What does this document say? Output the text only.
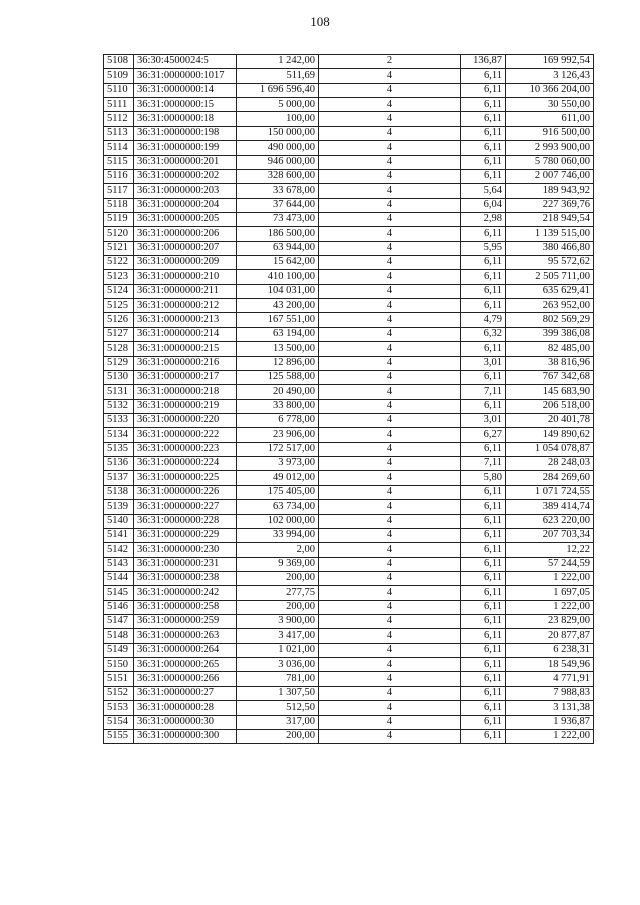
108
5108	36:30:4500024:5	1 242,00	2	136,87	169 992,54
5109	36:31:0000000:1017	511,69	4	6,11	3 126,43
5110	36:31:0000000:14	1 696 596,40	4	6,11	10 366 204,00
5111	36:31:0000000:15	5 000,00	4	6,11	30 550,00
5112	36:31:0000000:18	100,00	4	6,11	611,00
5113	36:31:0000000:198	150 000,00	4	6,11	916 500,00
5114	36:31:0000000:199	490 000,00	4	6,11	2 993 900,00
5115	36:31:0000000:201	946 000,00	4	6,11	5 780 060,00
5116	36:31:0000000:202	328 600,00	4	6,11	2 007 746,00
5117	36:31:0000000:203	33 678,00	4	5,64	189 943,92
5118	36:31:0000000:204	37 644,00	4	6,04	227 369,76
5119	36:31:0000000:205	73 473,00	4	2,98	218 949,54
5120	36:31:0000000:206	186 500,00	4	6,11	1 139 515,00
5121	36:31:0000000:207	63 944,00	4	5,95	380 466,80
5122	36:31:0000000:209	15 642,00	4	6,11	95 572,62
5123	36:31:0000000:210	410 100,00	4	6,11	2 505 711,00
5124	36:31:0000000:211	104 031,00	4	6,11	635 629,41
5125	36:31:0000000:212	43 200,00	4	6,11	263 952,00
5126	36:31:0000000:213	167 551,00	4	4,79	802 569,29
5127	36:31:0000000:214	63 194,00	4	6,32	399 386,08
5128	36:31:0000000:215	13 500,00	4	6,11	82 485,00
5129	36:31:0000000:216	12 896,00	4	3,01	38 816,96
5130	36:31:0000000:217	125 588,00	4	6,11	767 342,68
5131	36:31:0000000:218	20 490,00	4	7,11	145 683,90
5132	36:31:0000000:219	33 800,00	4	6,11	206 518,00
5133	36:31:0000000:220	6 778,00	4	3,01	20 401,78
5134	36:31:0000000:222	23 906,00	4	6,27	149 890,62
5135	36:31:0000000:223	172 517,00	4	6,11	1 054 078,87
5136	36:31:0000000:224	3 973,00	4	7,11	28 248,03
5137	36:31:0000000:225	49 012,00	4	5,80	284 269,60
5138	36:31:0000000:226	175 405,00	4	6,11	1 071 724,55
5139	36:31:0000000:227	63 734,00	4	6,11	389 414,74
5140	36:31:0000000:228	102 000,00	4	6,11	623 220,00
5141	36:31:0000000:229	33 994,00	4	6,11	207 703,34
5142	36:31:0000000:230	2,00	4	6,11	12,22
5143	36:31:0000000:231	9 369,00	4	6,11	57 244,59
5144	36:31:0000000:238	200,00	4	6,11	1 222,00
5145	36:31:0000000:242	277,75	4	6,11	1 697,05
5146	36:31:0000000:258	200,00	4	6,11	1 222,00
5147	36:31:0000000:259	3 900,00	4	6,11	23 829,00
5148	36:31:0000000:263	3 417,00	4	6,11	20 877,87
5149	36:31:0000000:264	1 021,00	4	6,11	6 238,31
5150	36:31:0000000:265	3 036,00	4	6,11	18 549,96
5151	36:31:0000000:266	781,00	4	6,11	4 771,91
5152	36:31:0000000:27	1 307,50	4	6,11	7 988,83
5153	36:31:0000000:28	512,50	4	6,11	3 131,38
5154	36:31:0000000:30	317,00	4	6,11	1 936,87
5155	36:31:0000000:300	200,00	4	6,11	1 222,00
